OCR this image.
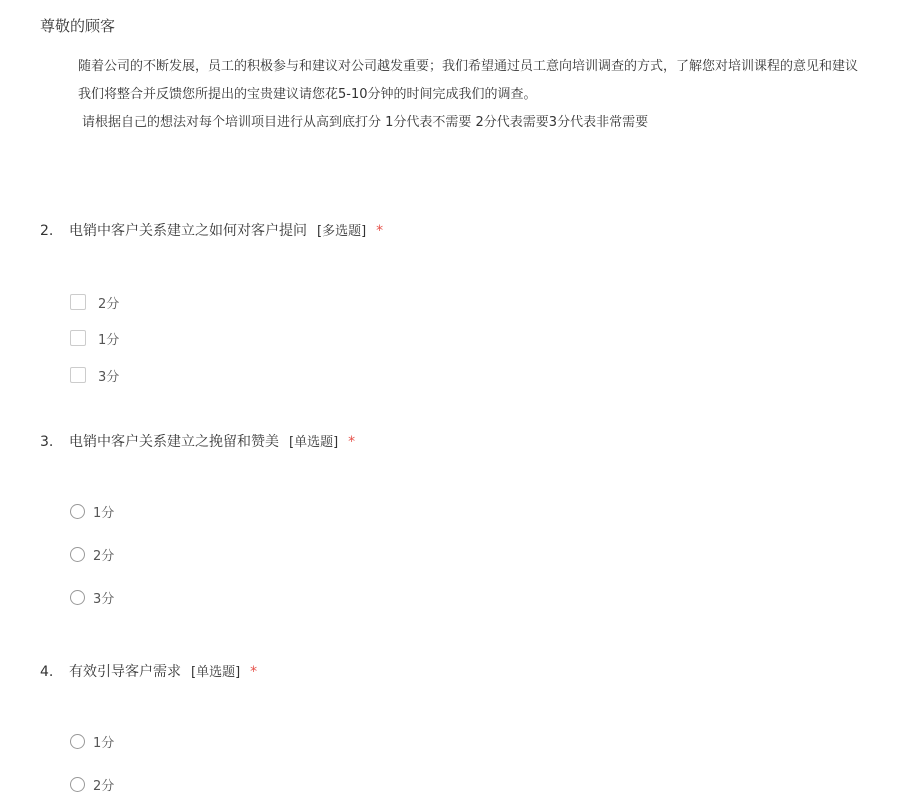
尊敬的顾客
随着公司的不断发展，员工的积极参与和建议对公司越发重要；我们希望通过员工意向培训调查的方式，了解您对培训课程的意见和建议
我们将整合并反馈您所提出的宝贵建议请您花5-10分钟的时间完成我们的调查。
请根据自己的想法对每个培训项目进行从高到底打分 1分代表不需要 2分代表需要3分代表非常需要
2. 电销中客户关系建立之如何对客户提问 [多选题] *
2分
1分
3分
3. 电销中客户关系建立之挽留和赞美 [单选题] *
1分
2分
3分
4. 有效引导客户需求 [单选题] *
1分
2分
